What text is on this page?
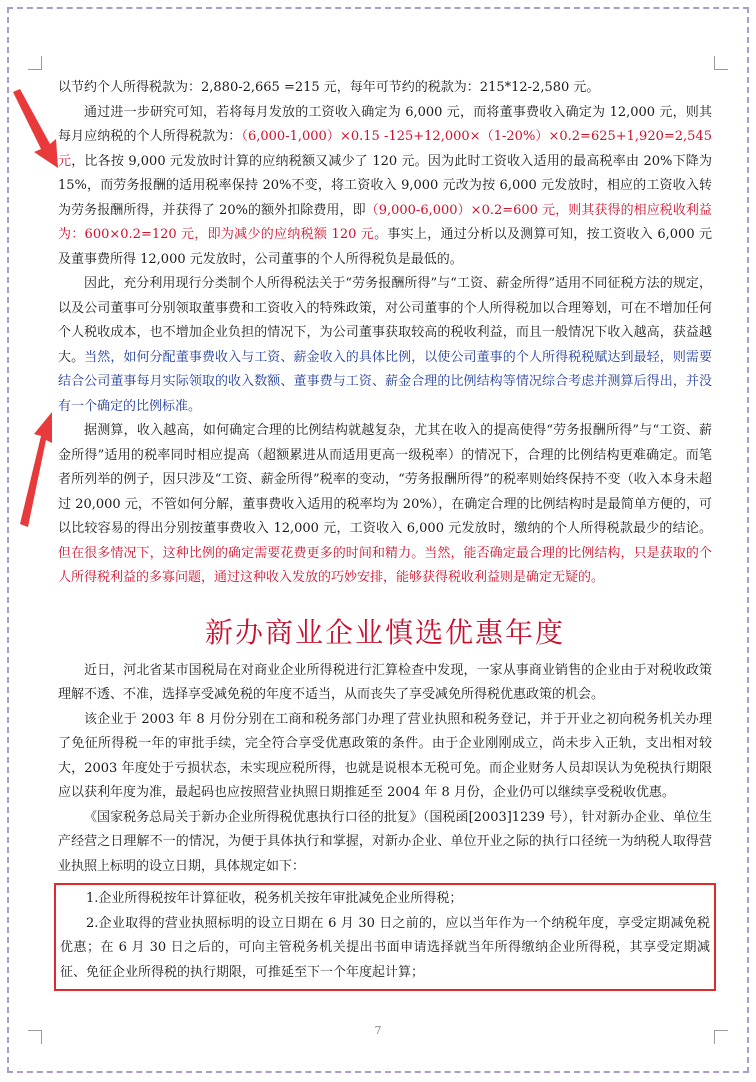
以节约个人所得税款为：2,880-2,665 =215 元，每年可节约的税款为：215*12-2,580 元。

通过进一步研究可知，若将每月发放的工资收入确定为 6,000 元，而将董事费收入确定为 12,000 元，则其每月应纳税的个人所得税款为：（6,000-1,000）×0.15 -125+12,000×（1-20%）×0.2=625+1,920=2,545 元，比各按 9,000 元发放时计算的应纳税额又减少了 120 元。因为此时工资收入适用的最高税率由 20%下降为 15%，而劳务报酬的适用税率保持 20%不变，将工资收入 9,000 元改为按 6,000 元发放时，相应的工资收入转为劳务报酬所得，并获得了 20%的额外扣除费用，即（9,000-6,000）×0.2=600 元，则其获得的相应税收利益为：600×0.2=120 元，即为减少的应纳税额 120 元。事实上，通过分析以及测算可知，按工资收入 6,000 元及董事费所得 12,000 元发放时，公司董事的个人所得税负是最低的。

因此，充分利用现行分类制个人所得税法关于“劳务报酬所得”与“工资、薪金所得”适用不同征税方法的规定，以及公司董事可分别领取董事费和工资收入的特殊政策，对公司董事的个人所得税加以合理筹划，可在不增加任何个人税收成本，也不增加企业负担的情况下，为公司董事获取较高的税收利益，而且一般情况下收入越高，获益越大。当然，如何分配董事费收入与工资、薪金收入的具体比例，以使公司董事的个人所得税税赋达到最轻，则需要结合公司董事每月实际领取的收入数额、董事费与工资、薪金合理的比例结构等情况综合考虑并测算后得出，并没有一个确定的比例标准。

据测算，收入越高，如何确定合理的比例结构就越复杂，尤其在收入的提高使得“劳务报酬所得”与“工资、薪金所得”适用的税率同时相应提高（超额累进从而适用更高一级税率）的情况下，合理的比例结构更难确定。而笔者所列举的例子，因只涉及“工资、薪金所得”税率的变动，“劳务报酬所得”的税率则始终保持不变（收入本身未超过 20,000 元，不管如何分解，董事费收入适用的税率均为 20%），在确定合理的比例结构时是最简单方便的，可以比较容易的得出分别按董事费收入 12,000 元，工资收入 6,000 元发放时，缴纳的个人所得税款最少的结论。但在很多情况下，这种比例的确定需要花费更多的时间和精力。当然，能否确定最合理的比例结构，只是获取的个人所得税利益的多寡问题，通过这种收入发放的巧妙安排，能够获得税收利益则是确定无疑的。

新办商业企业慎选优惠年度

近日，河北省某市国税局在对商业企业所得税进行汇算检查中发现，一家从事商业销售的企业由于对税收政策理解不透、不准，选择享受减免税的年度不适当，从而丧失了享受减免所得税优惠政策的机会。

该企业于 2003 年 8 月份分别在工商和税务部门办理了营业执照和税务登记，并于开业之初向税务机关办理了免征所得税一年的审批手续，完全符合享受优惠政策的条件。由于企业刚刚成立，尚未步入正轨，支出相对较大，2003 年度处于亏损状态，未实现应税所得，也就是说根本无税可免。而企业财务人员却误认为免税执行期限应以获利年度为准，最起码也应按照营业执照日期推延至 2004 年 8 月份，企业仍可以继续享受税收优惠。

《国家税务总局关于新办企业所得税优惠执行口径的批复》（国税函[2003]1239 号），针对新办企业、单位生产经营之日理解不一的情况，为便于具体执行和掌握，对新办企业、单位开业之际的执行口径统一为纳税人取得营业执照上标明的设立日期，具体规定如下：

1.企业所得税按年计算征收，税务机关按年审批减免企业所得税；

2.企业取得的营业执照标明的设立日期在 6 月 30 日之前的，应以当年作为一个纳税年度，享受定期减免税优惠；在 6 月 30 日之后的，可向主管税务机关提出书面申请选择就当年所得缴纳企业所得税，其享受定期减征、免征企业所得税的执行期限，可推延至下一个年度起计算；

7
